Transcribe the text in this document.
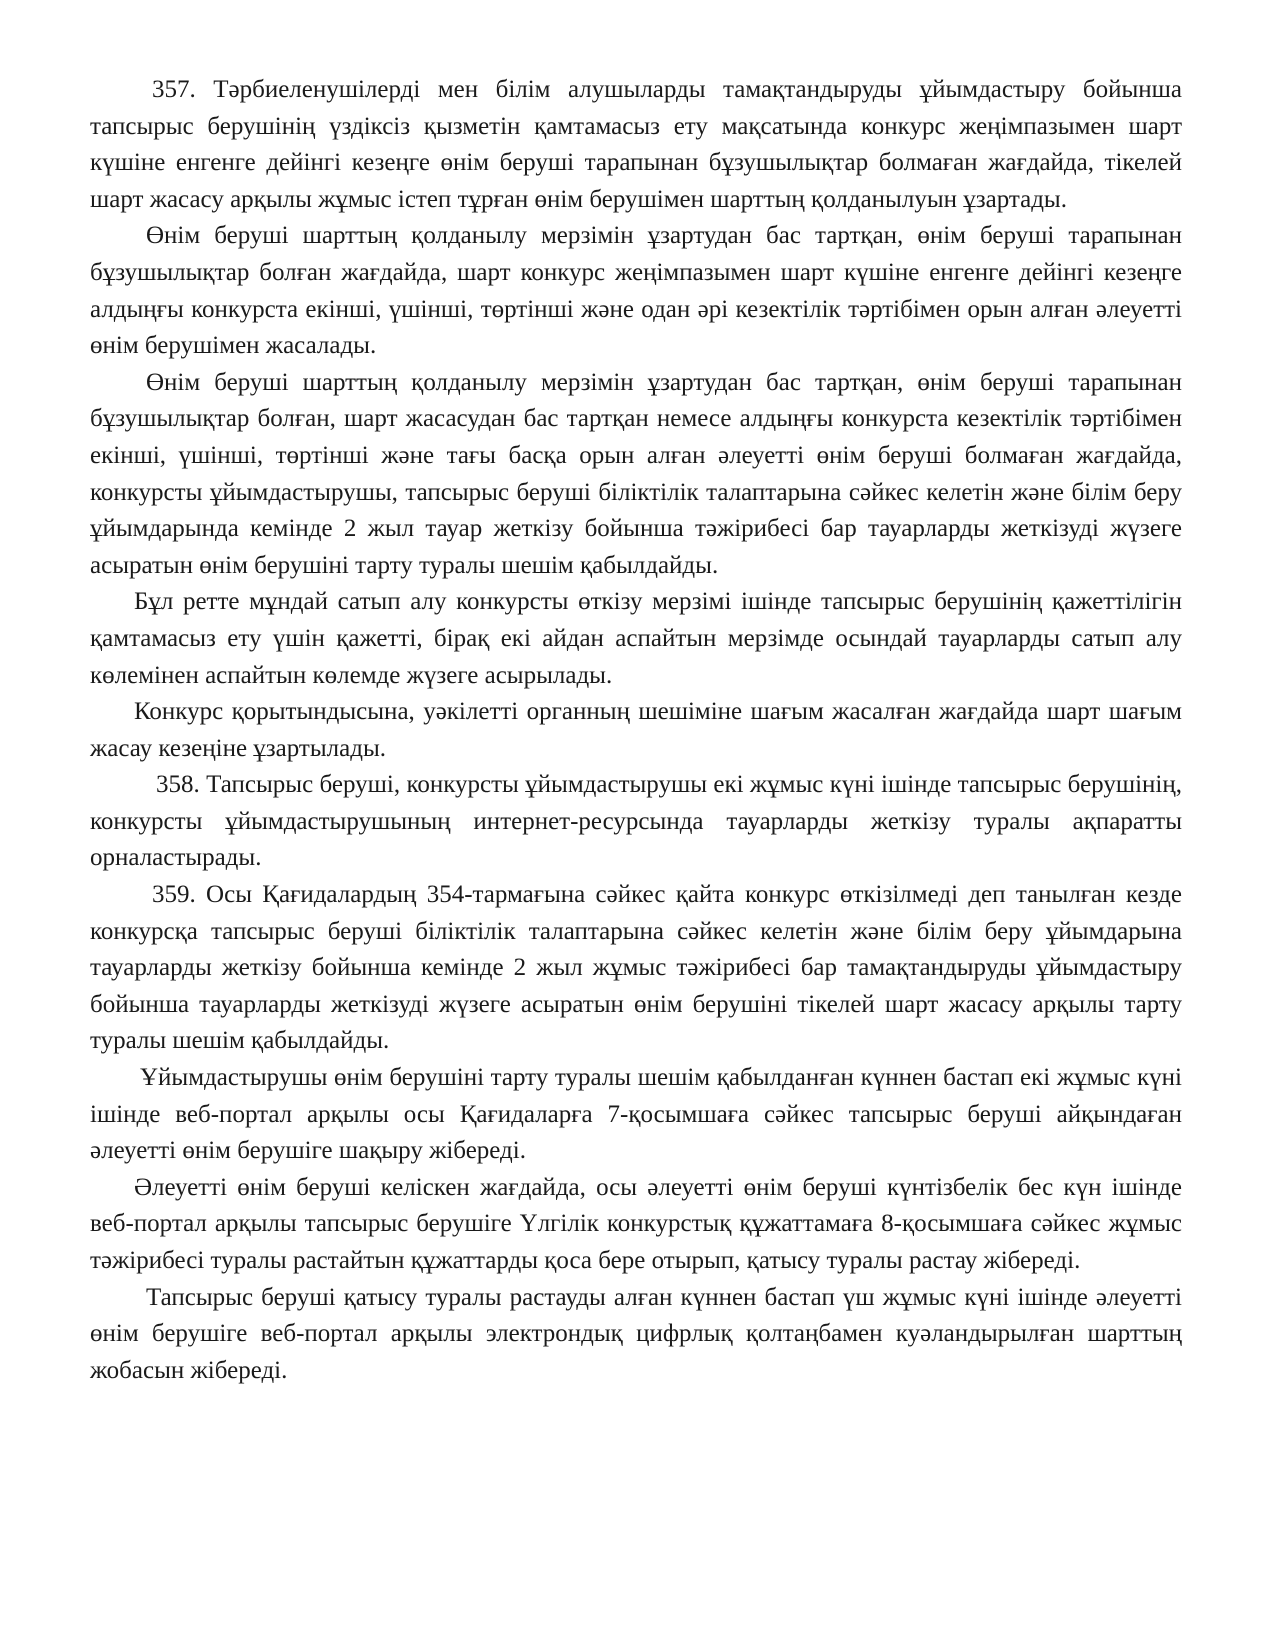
357. Тәрбиеленушілерді мен білім алушыларды тамақтандыруды ұйымдастыру бойынша тапсырыс берушінің үздіксіз қызметін қамтамасыз ету мақсатында конкурс жеңімпазымен шарт күшіне енгенге дейінгі кезеңге өнім беруші тарапынан бұзушылықтар болмаған жағдайда, тікелей шарт жасасу арқылы жұмыс істеп тұрған өнім берушімен шарттың қолданылуын ұзартады.

Өнім беруші шарттың қолданылу мерзімін ұзартудан бас тартқан, өнім беруші тарапынан бұзушылықтар болған жағдайда, шарт конкурс жеңімпазымен шарт күшіне енгенге дейінгі кезеңге алдыңғы конкурста екінші, үшінші, төртінші және одан әрі кезектілік тәртібімен орын алған әлеуетті өнім берушімен жасалады.

Өнім беруші шарттың қолданылу мерзімін ұзартудан бас тартқан, өнім беруші тарапынан бұзушылықтар болған, шарт жасасудан бас тартқан немесе алдыңғы конкурста кезектілік тәртібімен екінші, үшінші, төртінші және тағы басқа орын алған әлеуетті өнім беруші болмаған жағдайда, конкурсты ұйымдастырушы, тапсырыс беруші біліктілік талаптарына сәйкес келетін және білім беру ұйымдарында кемінде 2 жыл тауар жеткізу бойынша тәжірибесі бар тауарларды жеткізуді жүзеге асыратын өнім берушіні тарту туралы шешім қабылдайды.

Бұл ретте мұндай сатып алу конкурсты өткізу мерзімі ішінде тапсырыс берушінің қажеттілігін қамтамасыз ету үшін қажетті, бірақ екі айдан аспайтын мерзімде осындай тауарларды сатып алу көлемінен аспайтын көлемде жүзеге асырылады.

Конкурс қорытындысына, уәкілетті органның шешіміне шағым жасалған жағдайда шарт шағым жасау кезеңіне ұзартылады.

358. Тапсырыс беруші, конкурсты ұйымдастырушы екі жұмыс күні ішінде тапсырыс берушінің, конкурсты ұйымдастырушының интернет-ресурсында тауарларды жеткізу туралы ақпаратты орналастырады.

359. Осы Қағидалардың 354-тармағына сәйкес қайта конкурс өткізілмеді деп танылған кезде конкурсқа тапсырыс беруші біліктілік талаптарына сәйкес келетін және білім беру ұйымдарына тауарларды жеткізу бойынша кемінде 2 жыл жұмыс тәжірибесі бар тамақтандыруды ұйымдастыру бойынша тауарларды жеткізуді жүзеге асыратын өнім берушіні тікелей шарт жасасу арқылы тарту туралы шешім қабылдайды.

Ұйымдастырушы өнім берушіні тарту туралы шешім қабылданған күннен бастап екі жұмыс күні ішінде веб-портал арқылы осы Қағидаларға 7-қосымшаға сәйкес тапсырыс беруші айқындаған әлеуетті өнім берушіге шақыру жібереді.

Әлеуетті өнім беруші келіскен жағдайда, осы әлеуетті өнім беруші күнтізбелік бес күн ішінде веб-портал арқылы тапсырыс берушіге Үлгілік конкурстық құжаттамаға 8-қосымшаға сәйкес жұмыс тәжірибесі туралы растайтын құжаттарды қоса бере отырып, қатысу туралы растау жібереді.

Тапсырыс беруші қатысу туралы растауды алған күннен бастап үш жұмыс күні ішінде әлеуетті өнім берушіге веб-портал арқылы электрондық цифрлық қолтаңбамен куәландырылған шарттың жобасын жібереді.
